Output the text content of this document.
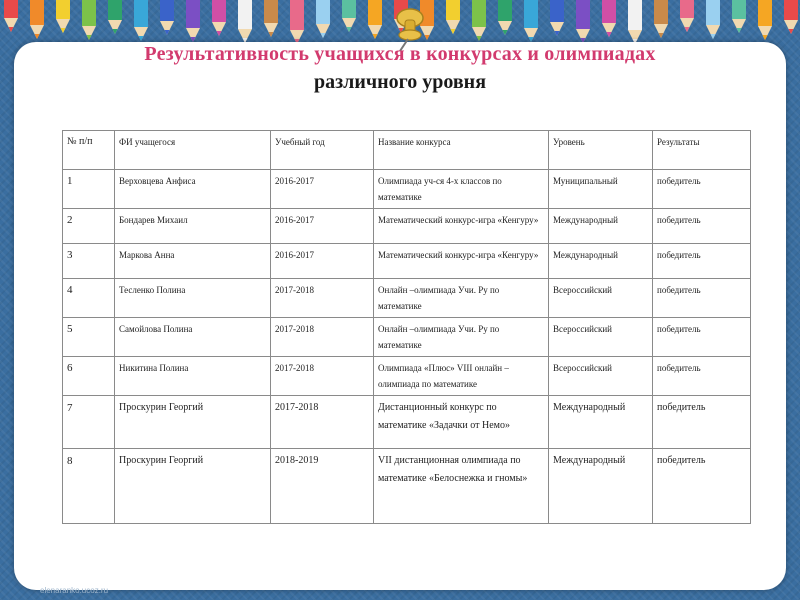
Результативность учащихся в конкурсах и олимпиадах
различного уровня
№ п/п	ФИ учащегося	Учебный год	Название конкурса	Уровень	Результаты
1	Верховцева Анфиса	2016-2017	Олимпиада уч-ся 4-х классов по математике	Муниципальный	победитель
2	Бондарев Михаил	2016-2017	Математический конкурс-игра «Кенгуру»	Международный	победитель
3	Маркова Анна	2016-2017	Математический конкурс-игра «Кенгуру»	Международный	победитель
4	Тесленко Полина	2017-2018	Онлайн –олимпиада Учи. Ру по математике	Всероссийский	победитель
5	Самойлова Полина	2017-2018	Онлайн –олимпиада Учи. Ру по математике	Всероссийский	победитель
6	Никитина Полина	2017-2018	Олимпиада «Плюс» VIII онлайн – олимпиада по математике	Всероссийский	победитель
7	Проскурин Георгий	2017-2018	Дистанционный конкурс по математике «Задачки от Немо»	Международный	победитель
8	Проскурин Георгий	2018-2019	VII дистанционная олимпиада по математике «Белоснежка и гномы»	Международный	победитель
elenaranko.ucoz.ru
